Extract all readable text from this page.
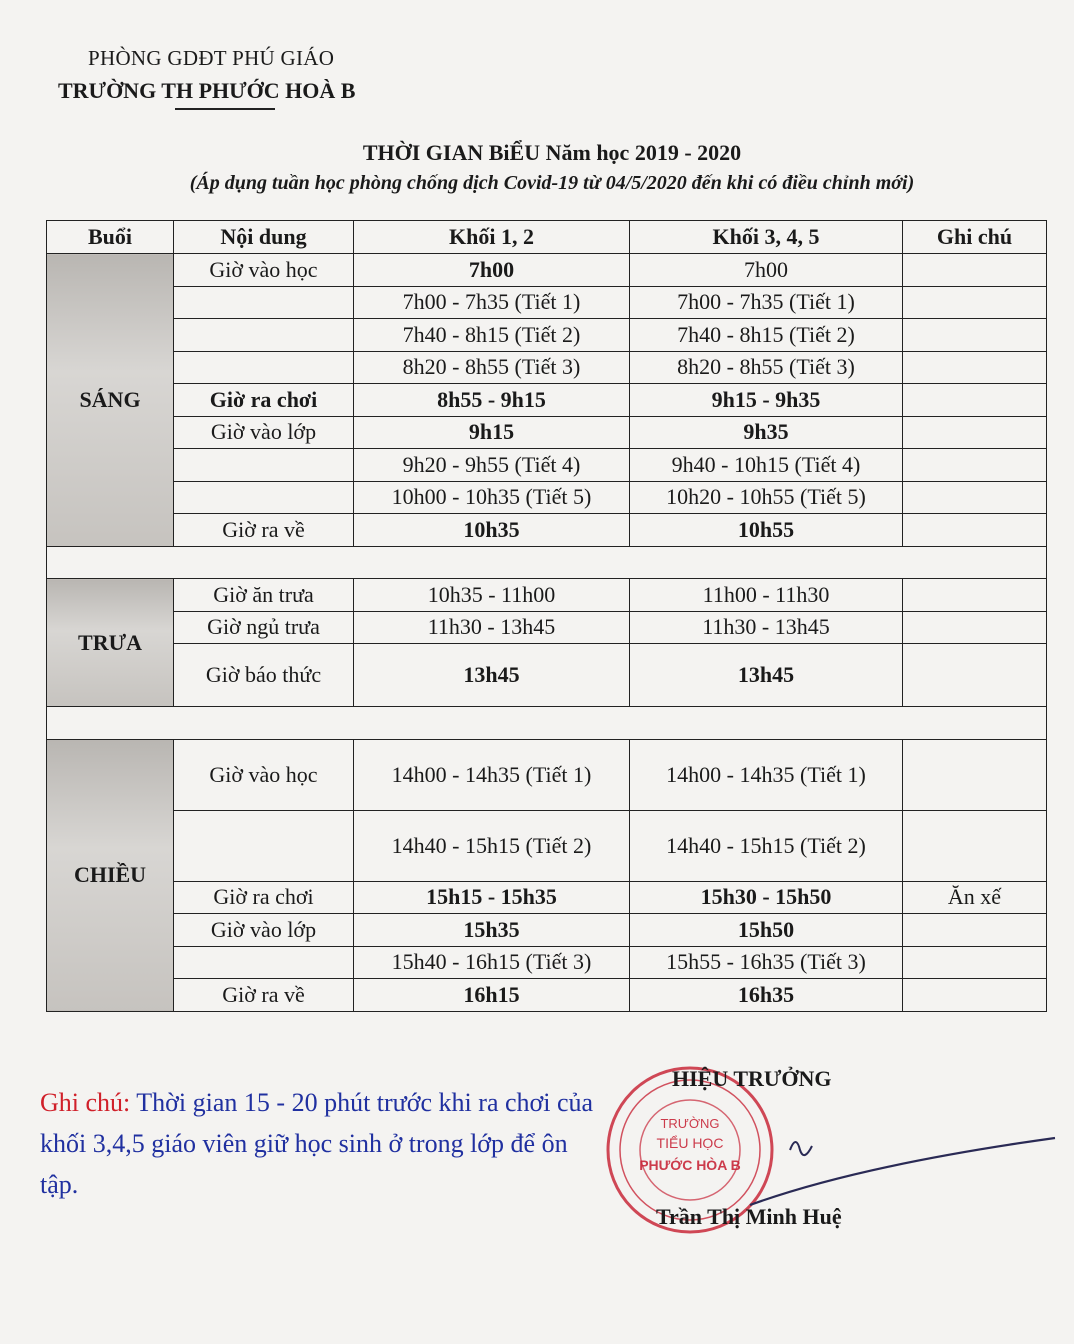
PHÒNG GDĐT PHÚ GIÁO
TRƯỜNG TH PHƯỚC HOÀ B
THỜI GIAN BiỂU Năm học 2019 - 2020
(Áp dụng tuần học phòng chống dịch Covid-19 từ 04/5/2020 đến khi có điều chỉnh mới)
Buổi	Nội dung	Khối 1, 2	Khối 3, 4, 5	Ghi chú
SÁNG	Giờ vào học	7h00	7h00	
		7h00 - 7h35 (Tiết 1)	7h00 - 7h35 (Tiết 1)	
		7h40 - 8h15 (Tiết 2)	7h40 - 8h15 (Tiết 2)	
		8h20 - 8h55 (Tiết 3)	8h20 - 8h55 (Tiết 3)	
	Giờ ra chơi	8h55 - 9h15	9h15 - 9h35	
	Giờ vào lớp	9h15	9h35	
		9h20 - 9h55 (Tiết 4)	9h40 - 10h15 (Tiết 4)	
		10h00 - 10h35 (Tiết 5)	10h20 - 10h55 (Tiết 5)	
	Giờ ra về	10h35	10h55	

TRƯA	Giờ ăn trưa	10h35 - 11h00	11h00 - 11h30	
	Giờ ngủ trưa	11h30 - 13h45	11h30 - 13h45	
	Giờ báo thức	13h45	13h45	

CHIỀU	Giờ vào học	14h00 - 14h35 (Tiết 1)	14h00 - 14h35 (Tiết 1)	
		14h40 - 15h15 (Tiết 2)	14h40 - 15h15 (Tiết 2)	
	Giờ ra chơi	15h15 - 15h35	15h30 - 15h50	Ăn xế
	Giờ vào lớp	15h35	15h50	
		15h40 - 16h15 (Tiết 3)	15h55 - 16h35 (Tiết 3)	
	Giờ ra về	16h15	16h35	
Ghi chú: Thời gian 15 - 20 phút trước khi ra chơi của khối 3,4,5 giáo viên giữ học sinh ở trong lớp để ôn tập.
TRƯỜNG
TIỂU HỌC
PHƯỚC HÒA B
HIỆU TRƯỞNG
Trần Thị Minh Huệ
